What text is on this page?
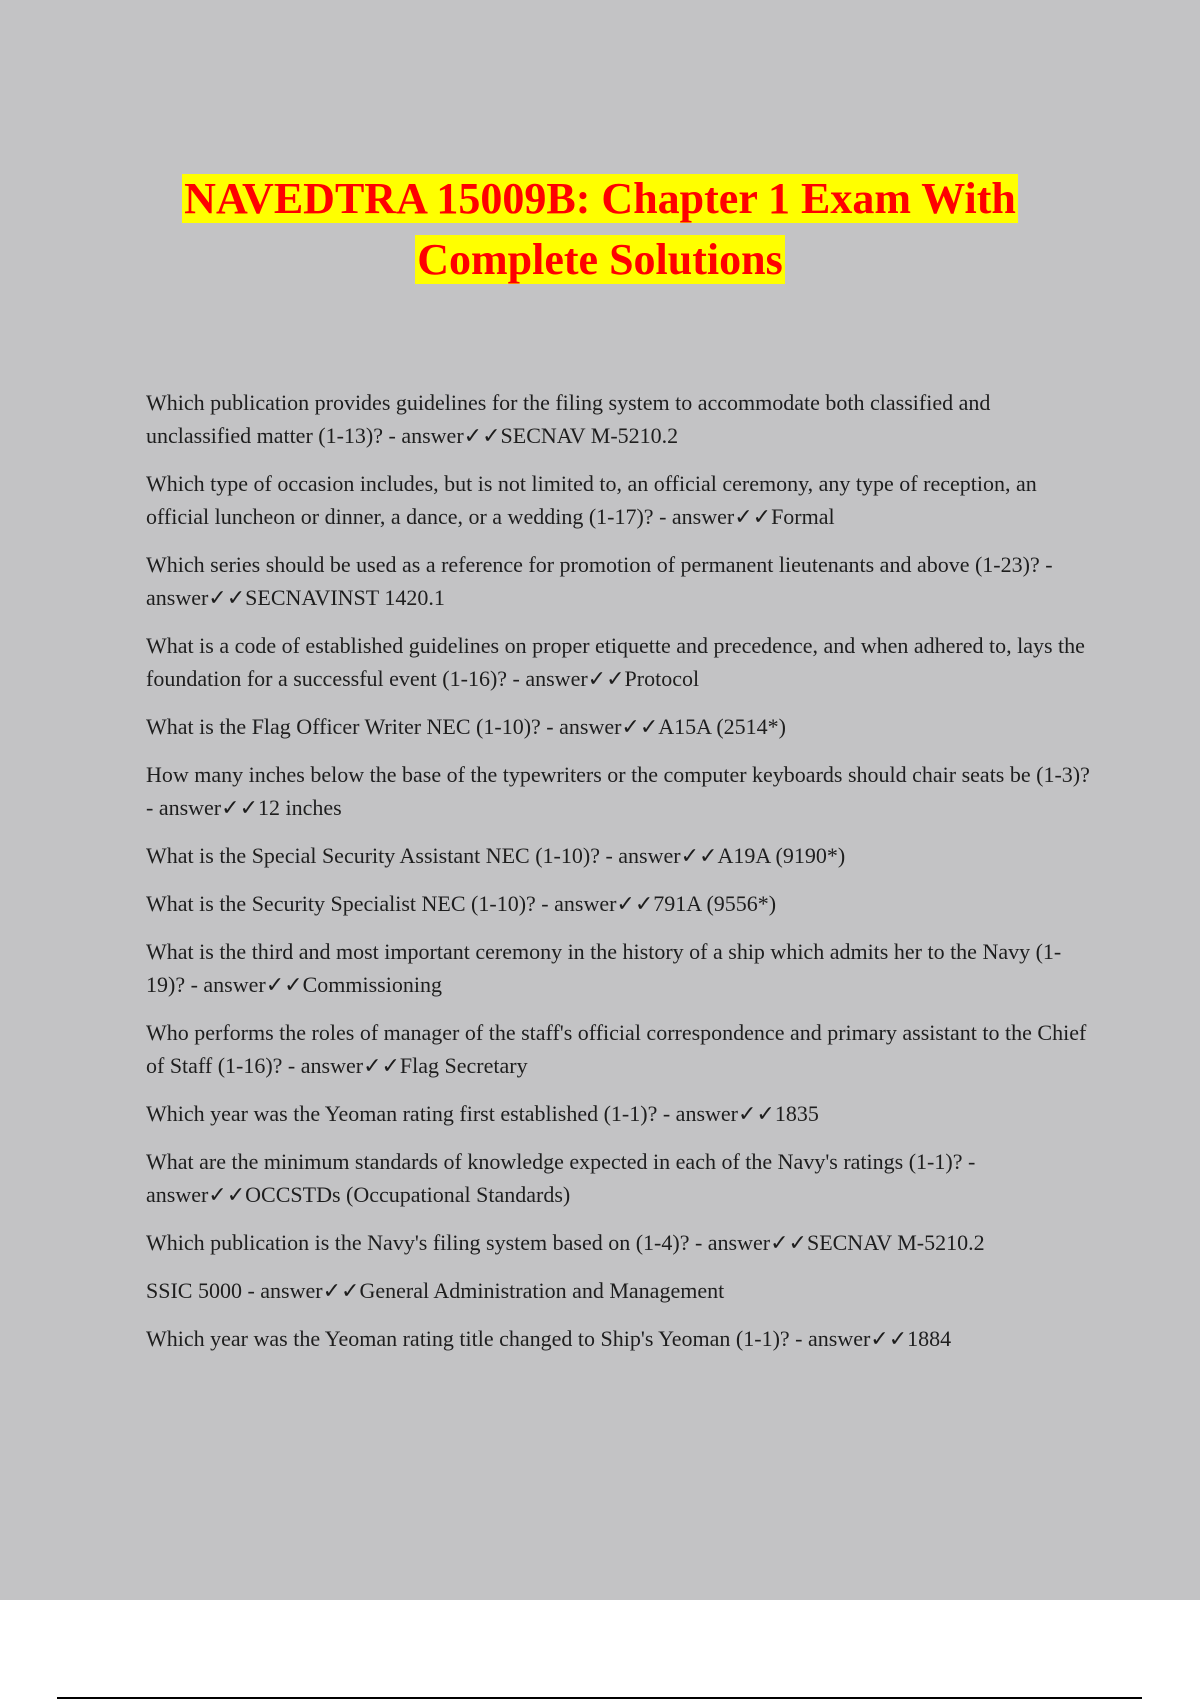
NAVEDTRA 15009B: Chapter 1 Exam With
Complete Solutions

Which publication provides guidelines for the filing system to accommodate both classified and unclassified matter (1-13)? - answer✓✓SECNAV M-5210.2

Which type of occasion includes, but is not limited to, an official ceremony, any type of reception, an official luncheon or dinner, a dance, or a wedding (1-17)? - answer✓✓Formal

Which series should be used as a reference for promotion of permanent lieutenants and above (1-23)? - answer✓✓SECNAVINST 1420.1

What is a code of established guidelines on proper etiquette and precedence, and when adhered to, lays the foundation for a successful event (1-16)? - answer✓✓Protocol

What is the Flag Officer Writer NEC (1-10)? - answer✓✓A15A (2514*)

How many inches below the base of the typewriters or the computer keyboards should chair seats be (1-3)? - answer✓✓12 inches

What is the Special Security Assistant NEC (1-10)? - answer✓✓A19A (9190*)

What is the Security Specialist NEC (1-10)? - answer✓✓791A (9556*)

What is the third and most important ceremony in the history of a ship which admits her to the Navy (1-19)? - answer✓✓Commissioning

Who performs the roles of manager of the staff's official correspondence and primary assistant to the Chief of Staff (1-16)? - answer✓✓Flag Secretary

Which year was the Yeoman rating first established (1-1)? - answer✓✓1835

What are the minimum standards of knowledge expected in each of the Navy's ratings (1-1)? - answer✓✓OCCSTDs (Occupational Standards)

Which publication is the Navy's filing system based on (1-4)? - answer✓✓SECNAV M-5210.2

SSIC 5000 - answer✓✓General Administration and Management

Which year was the Yeoman rating title changed to Ship's Yeoman (1-1)? - answer✓✓1884
